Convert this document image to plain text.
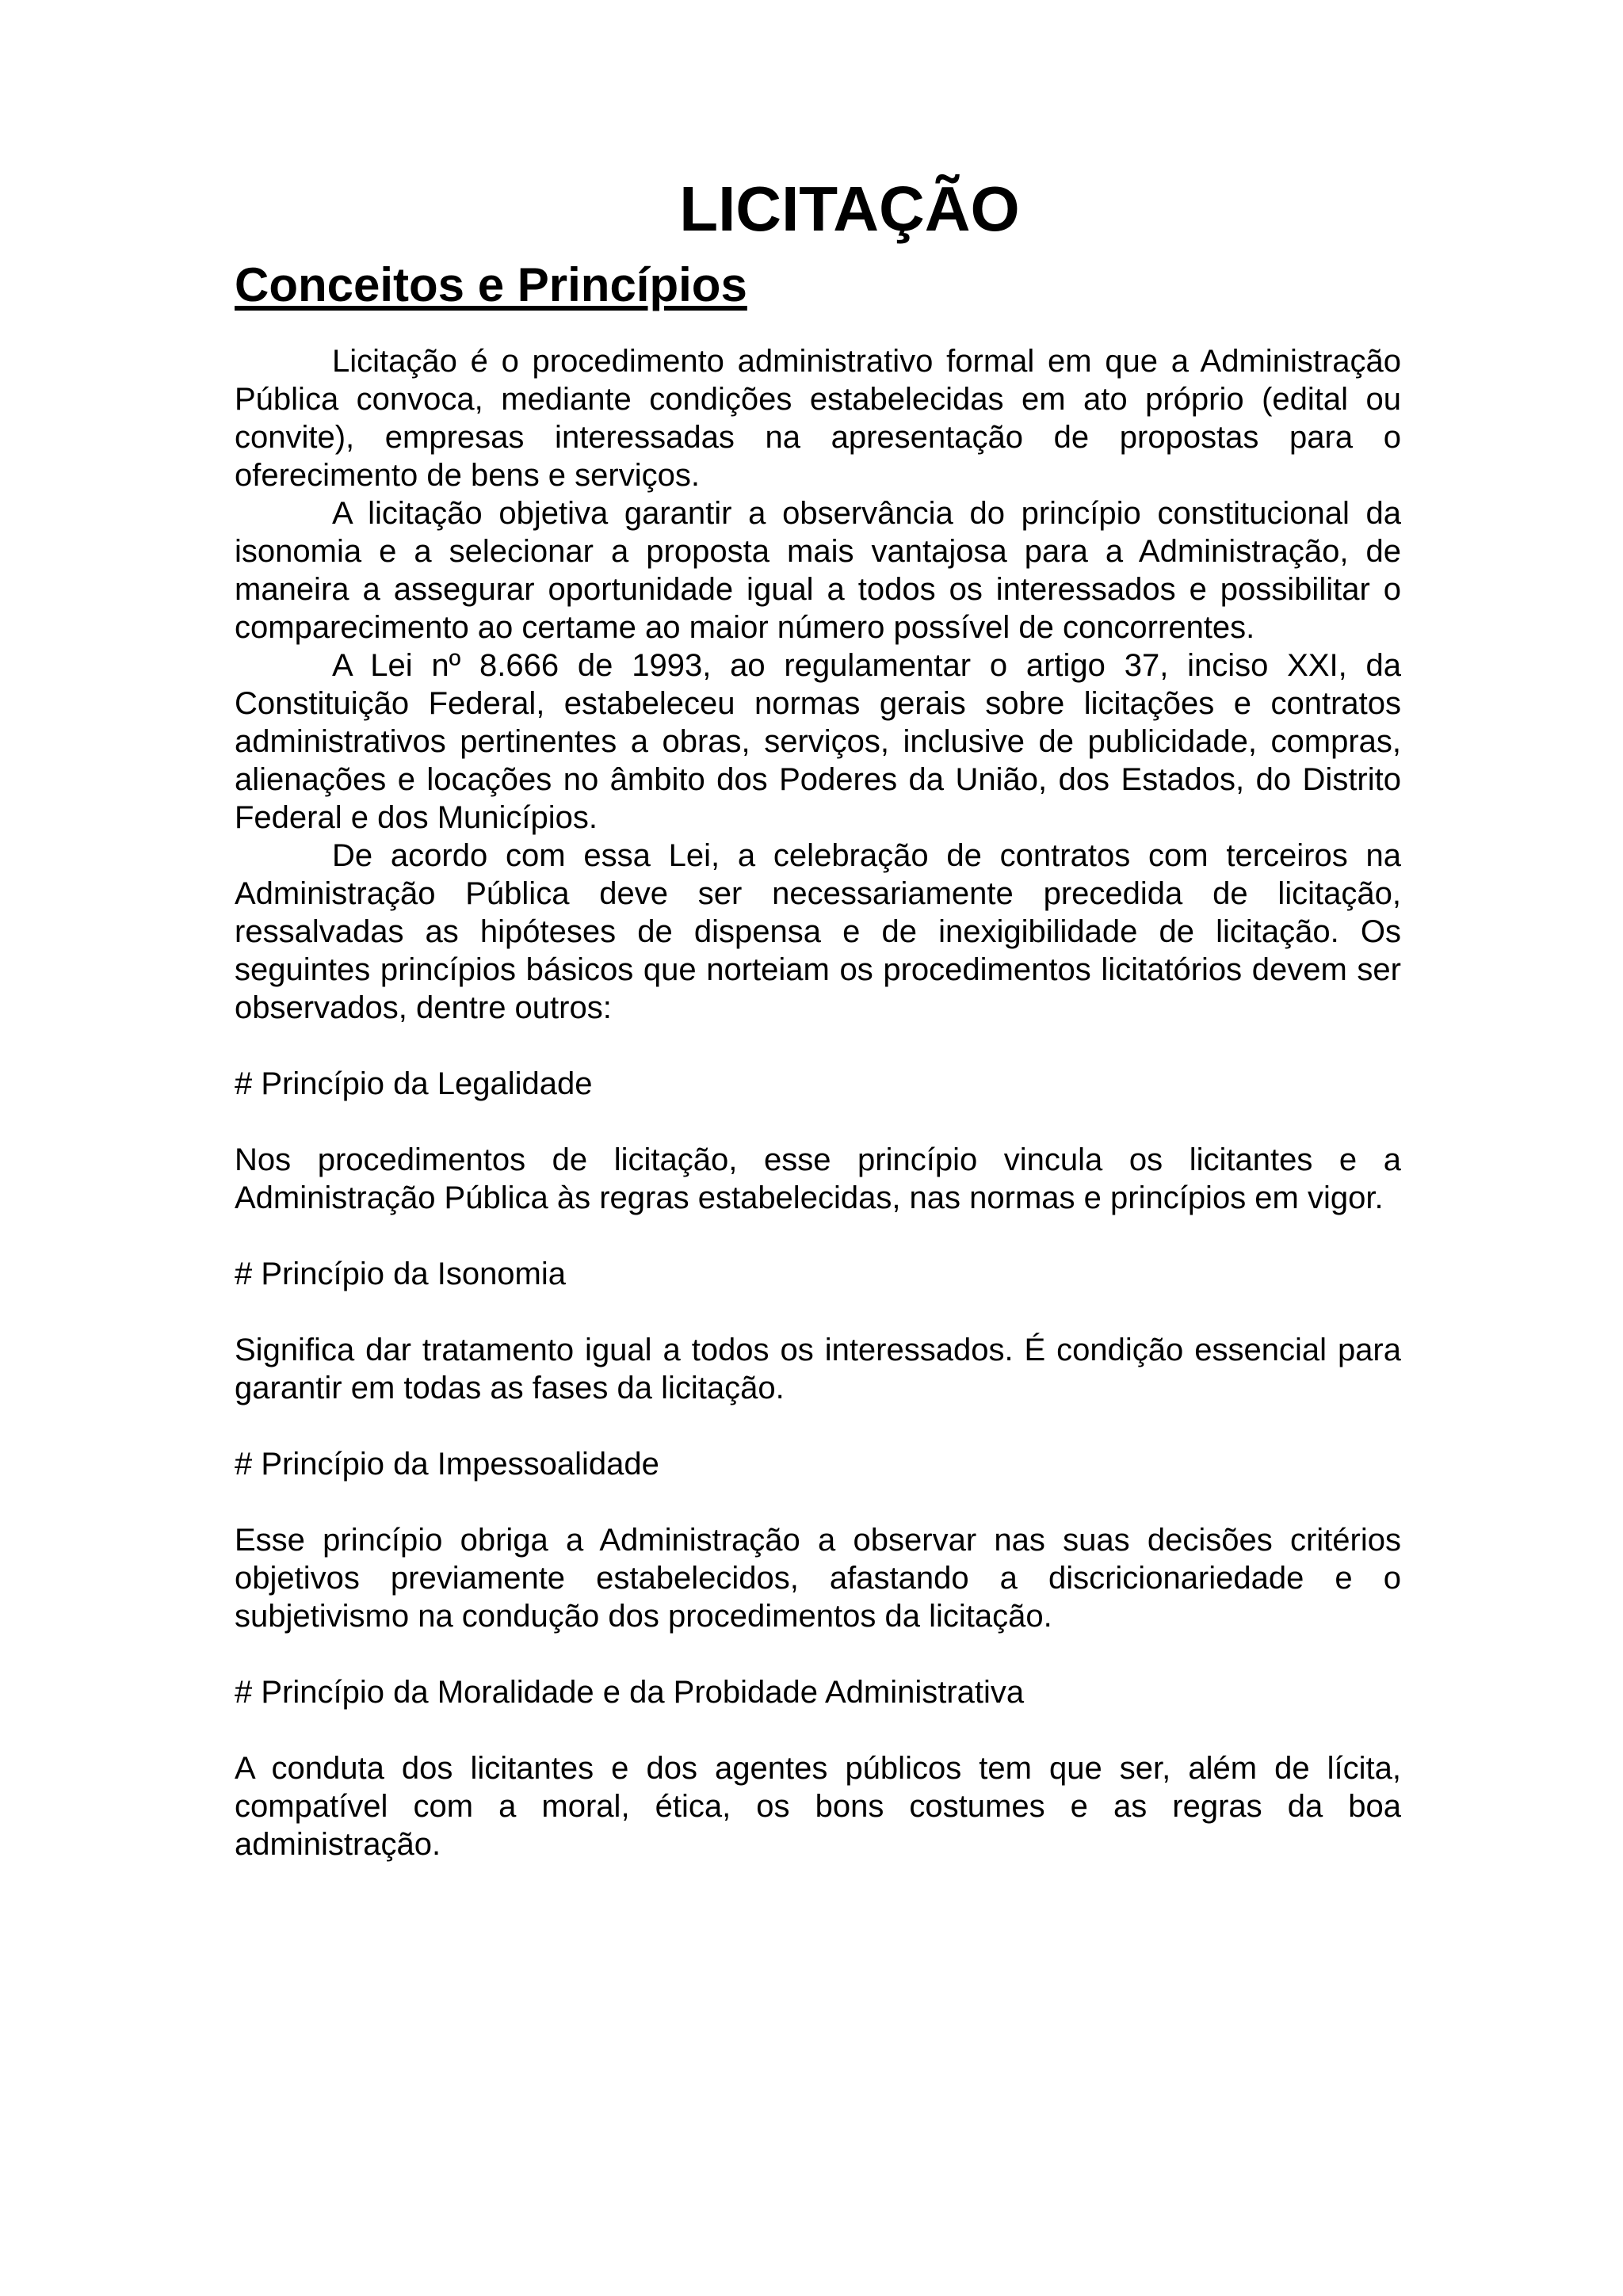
LICITAÇÃO
Conceitos e Princípios

Licitação é o procedimento administrativo formal em que a Administração Pública convoca, mediante condições estabelecidas em ato próprio (edital ou convite), empresas interessadas na apresentação de propostas para o oferecimento de bens e serviços.

A licitação objetiva garantir a observância do princípio constitucional da isonomia e a selecionar a proposta mais vantajosa para a Administração, de maneira a assegurar oportunidade igual a todos os interessados e possibilitar o comparecimento ao certame ao maior número possível de concorrentes.

A Lei nº 8.666 de 1993, ao regulamentar o artigo 37, inciso XXI, da Constituição Federal, estabeleceu normas gerais sobre licitações e contratos administrativos pertinentes a obras, serviços, inclusive de publicidade, compras, alienações e locações no âmbito dos Poderes da União, dos Estados, do Distrito Federal e dos Municípios.

De acordo com essa Lei, a celebração de contratos com terceiros na Administração Pública deve ser necessariamente precedida de licitação, ressalvadas as hipóteses de dispensa e de inexigibilidade de licitação. Os seguintes princípios básicos que norteiam os procedimentos licitatórios devem ser observados, dentre outros:

# Princípio da Legalidade

Nos procedimentos de licitação, esse princípio vincula os licitantes e a Administração Pública às regras estabelecidas, nas normas e princípios em vigor.

# Princípio da Isonomia

Significa dar tratamento igual a todos os interessados. É condição essencial para garantir em todas as fases da licitação.

# Princípio da Impessoalidade

Esse princípio obriga a Administração a observar nas suas decisões critérios objetivos previamente estabelecidos, afastando a discricionariedade e o subjetivismo na condução dos procedimentos da licitação.

# Princípio da Moralidade e da Probidade Administrativa

A conduta dos licitantes e dos agentes públicos tem que ser, além de lícita, compatível com a moral, ética, os bons costumes e as regras da boa administração.
